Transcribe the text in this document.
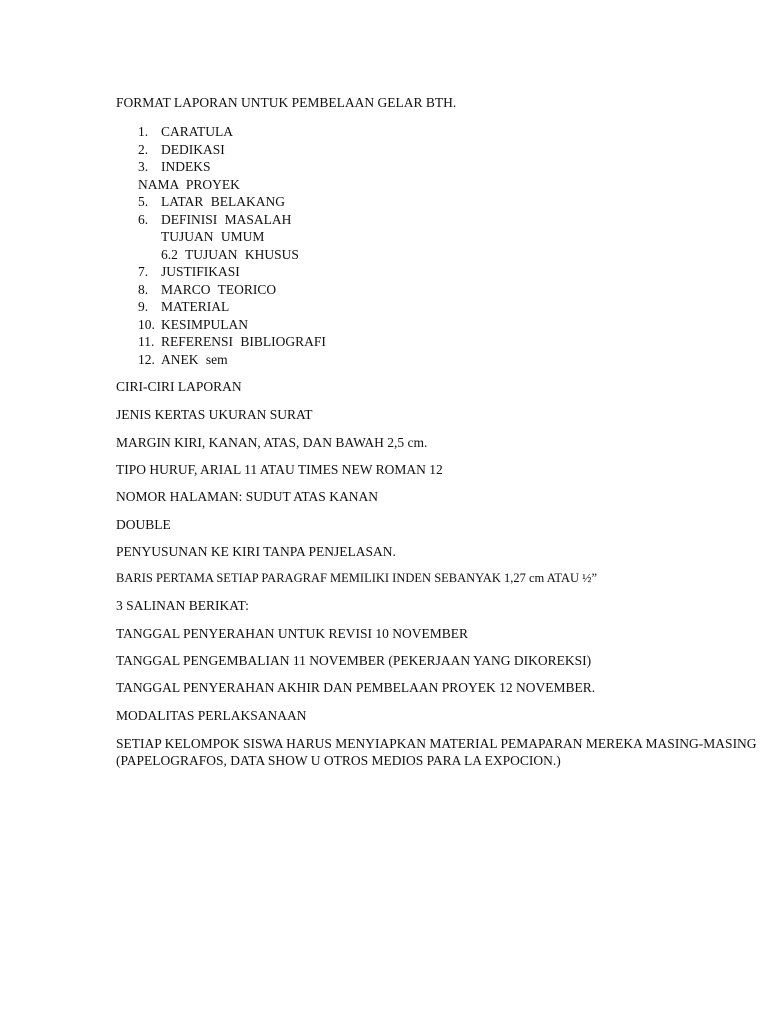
FORMAT LAPORAN UNTUK PEMBELAAN GELAR BTH.
1. CARATULA
2. DEDIKASI
3. INDEKS
NAMA PROYEK
5. LATAR BELAKANG
6. DEFINISI MASALAH
TUJUAN UMUM
6.2 TUJUAN KHUSUS
7. JUSTIFIKASI
8. MARCO TEORICO
9. MATERIAL
10. KESIMPULAN
11. REFERENSI BIBLIOGRAFI
12. ANEK sem
CIRI-CIRI LAPORAN
JENIS KERTAS UKURAN SURAT
MARGIN KIRI, KANAN, ATAS, DAN BAWAH 2,5 cm.
TIPO HURUF, ARIAL 11 ATAU TIMES NEW ROMAN 12
NOMOR HALAMAN: SUDUT ATAS KANAN
DOUBLE
PENYUSUNAN KE KIRI TANPA PENJELASAN.
BARIS PERTAMA SETIAP PARAGRAF MEMILIKI INDEN SEBANYAK 1,27 cm ATAU ½”
3 SALINAN BERIKAT:
TANGGAL PENYERAHAN UNTUK REVISI 10 NOVEMBER
TANGGAL PENGEMBALIAN 11 NOVEMBER (PEKERJAAN YANG DIKOREKSI)
TANGGAL PENYERAHAN AKHIR DAN PEMBELAAN PROYEK 12 NOVEMBER.
MODALITAS PERLAKSANAAN
SETIAP KELOMPOK SISWA HARUS MENYIAPKAN MATERIAL PEMAPARAN MEREKA MASING-MASING (PAPELOGRAFOS, DATA SHOW U OTROS MEDIOS PARA LA EXPOCION.)
